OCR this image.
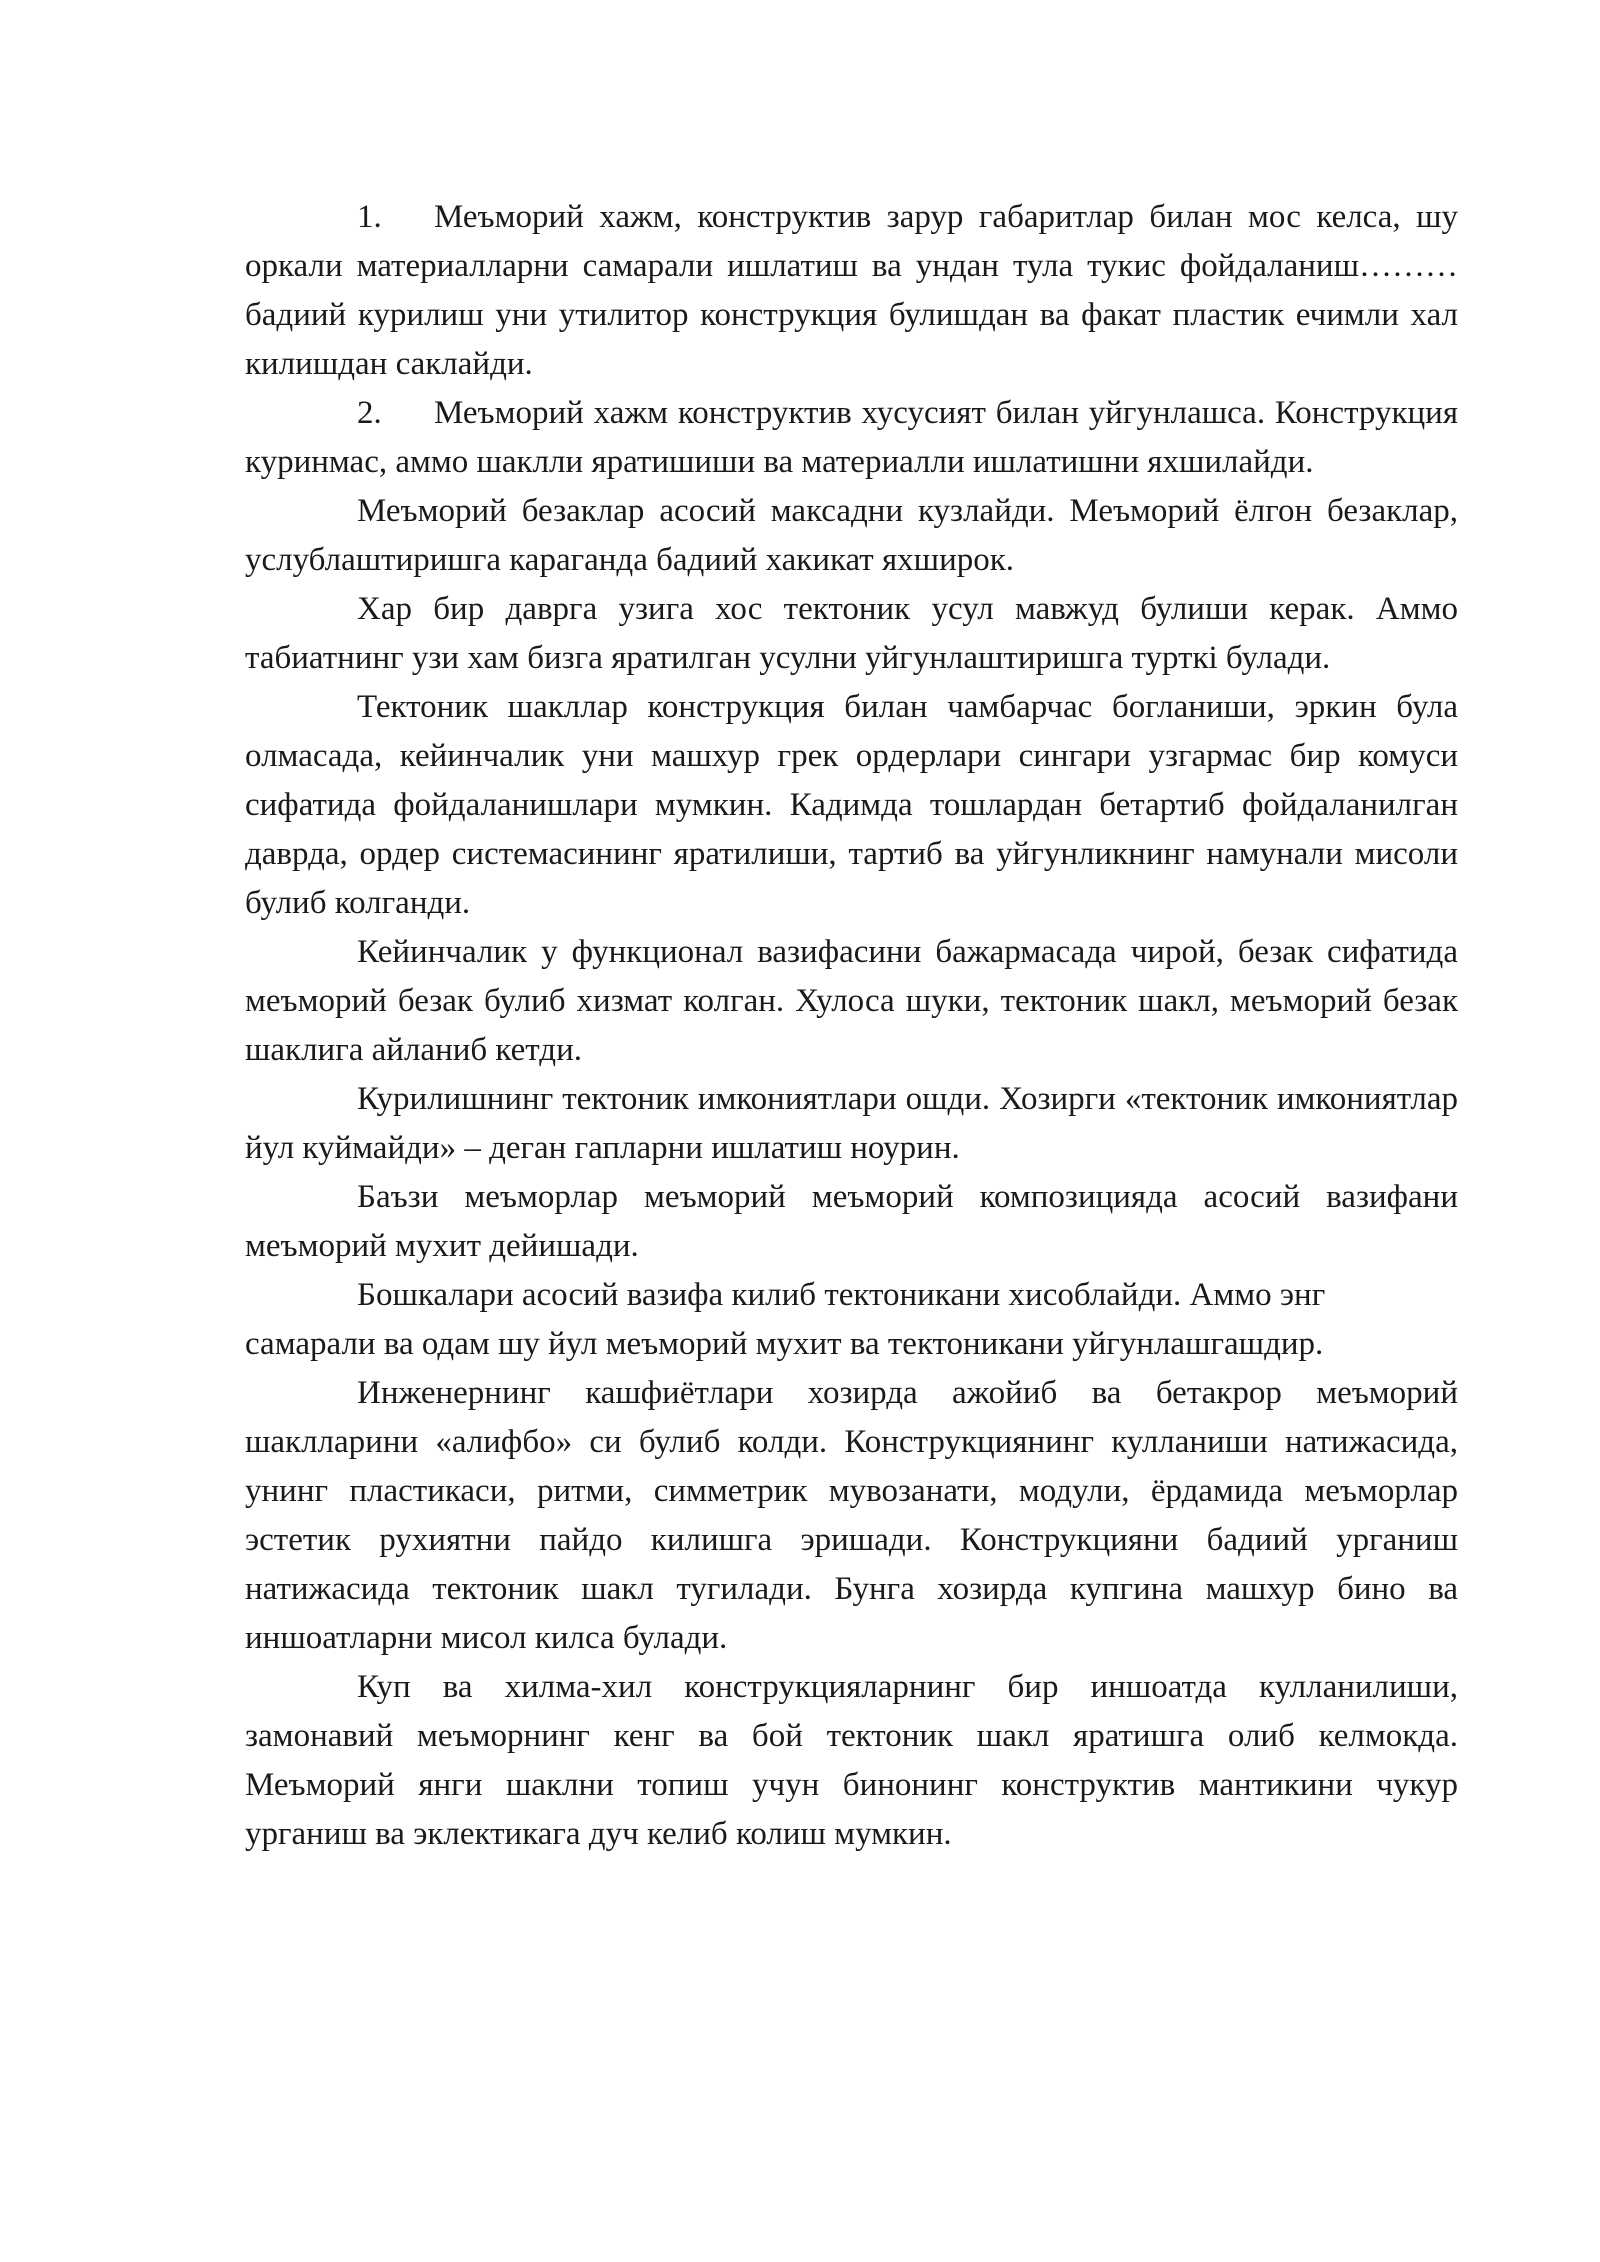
1. Меъморий хажм, конструктив зарур габаритлар билан мос келса, шу оркали материалларни самарали ишлатиш ва ундан тула тукис фойдаланиш……… бадиий курилиш уни утилитор конструкция булишдан ва факат пластик ечимли хал килишдан саклайди.

2. Меъморий хажм конструктив хусусият билан уйгунлашса. Конструкция куринмас, аммо шаклли яратишиши ва материалли ишлатишни яхшилайди.

Меъморий безаклар асосий максадни кузлайди. Меъморий ёлгон безаклар, услублаштиришга караганда бадиий хакикат яхширок.

Хар бир даврга узига хос тектоник усул мавжуд булиши керак. Аммо табиатнинг узи хам бизга яратилган усулни уйгунлаштиришга турткi булади.

Тектоник шакллар конструкция билан чамбарчас богланиши, эркин була олмасада, кейинчалик уни машхур грек ордерлари сингари узгармас бир комуси сифатида фойдаланишлари мумкин. Кадимда тошлардан бетартиб фойдаланилган даврда, ордер системасининг яратилиши, тартиб ва уйгунликнинг намунали мисоли булиб колганди.

Кейинчалик у функционал вазифасини бажармасада чирой, безак сифатида меъморий безак булиб хизмат колган. Хулоса шуки, тектоник шакл, меъморий безак шаклига айланиб кетди.

Курилишнинг тектоник имкониятлари ошди. Хозирги «тектоник имкониятлар йул куймайди» – деган гапларни ишлатиш ноурин.

Баъзи меъморлар меъморий меъморий композицияда асосий вазифани меъморий мухит дейишади.

Бошкалари асосий вазифа килиб тектоникани хисоблайди. Аммо энг самарали ва одам шу йул меъморий мухит ва тектоникани уйгунлашгашдир.

Инженернинг кашфиётлари хозирда ажойиб ва бетакрор меъморий шаклларини «алифбо» си булиб колди. Конструкциянинг кулланиши натижасида, унинг пластикаси, ритми, симметрик мувозанати, модули, ёрдамида меъморлар эстетик рухиятни пайдо килишга эришади. Конструкцияни бадиий урганиш натижасида тектоник шакл тугилади. Бунга хозирда купгина машхур бино ва иншоатларни мисол килса булади.

Куп ва хилма-хил конструкцияларнинг бир иншоатда кулланилиши, замонавий меъморнинг кенг ва бой тектоник шакл яратишга олиб келмокда. Меъморий янги шаклни топиш учун бинонинг конструктив мантикини чукур урганиш ва эклектикага дуч келиб колиш мумкин.
